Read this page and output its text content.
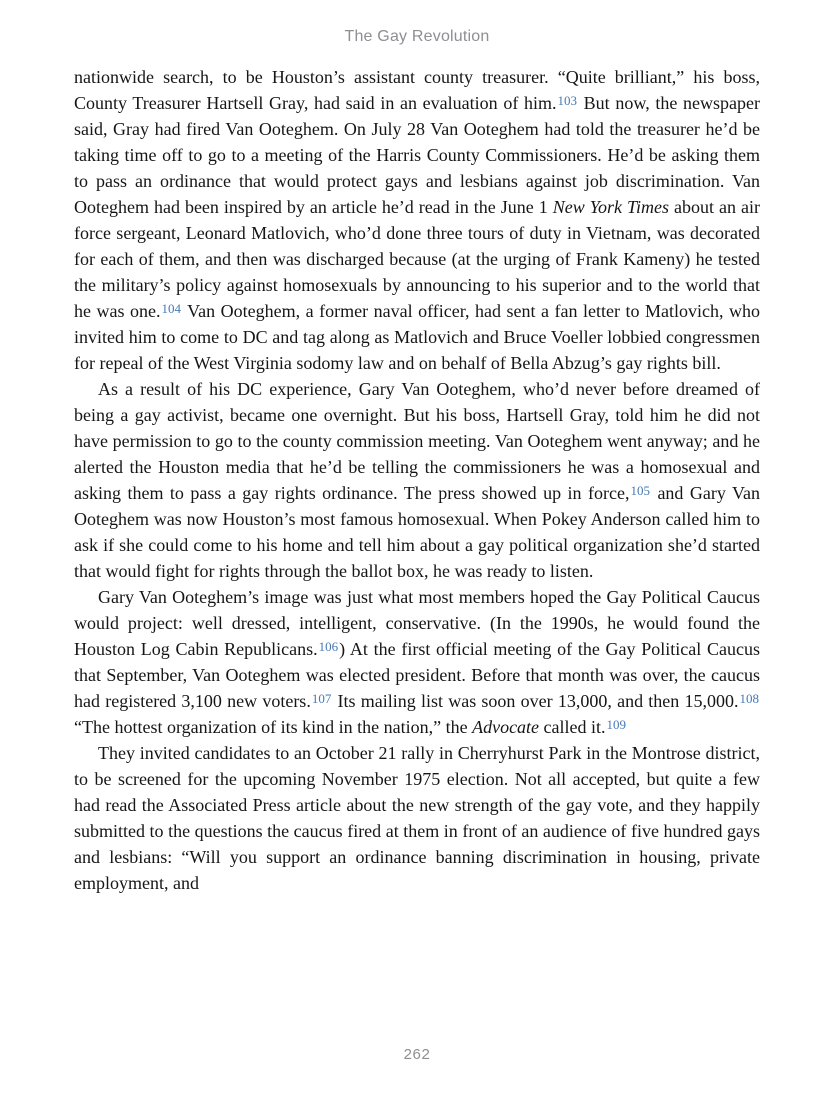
The Gay Revolution

nationwide search, to be Houston’s assistant county treasurer. “Quite brilliant,” his boss, County Treasurer Hartsell Gray, had said in an evaluation of him.$^{103}$ But now, the newspaper said, Gray had fired Van Ooteghem. On July 28 Van Ooteghem had told the treasurer he’d be taking time off to go to a meeting of the Harris County Commissioners. He’d be asking them to pass an ordinance that would protect gays and lesbians against job discrimination. Van Ooteghem had been inspired by an article he’d read in the June 1 New York Times about an air force sergeant, Leonard Matlovich, who’d done three tours of duty in Vietnam, was decorated for each of them, and then was discharged because (at the urging of Frank Kameny) he tested the military’s policy against homosexuals by announcing to his superior and to the world that he was one.$^{104}$ Van Ooteghem, a former naval officer, had sent a fan letter to Matlovich, who invited him to come to DC and tag along as Matlovich and Bruce Voeller lobbied congressmen for repeal of the West Virginia sodomy law and on behalf of Bella Abzug’s gay rights bill.

As a result of his DC experience, Gary Van Ooteghem, who’d never before dreamed of being a gay activist, became one overnight. But his boss, Hartsell Gray, told him he did not have permission to go to the county commission meeting. Van Ooteghem went anyway; and he alerted the Houston media that he’d be telling the commissioners he was a homosexual and asking them to pass a gay rights ordinance. The press showed up in force,$^{105}$ and Gary Van Ooteghem was now Houston’s most famous homosexual. When Pokey Anderson called him to ask if she could come to his home and tell him about a gay political organization she’d started that would fight for rights through the ballot box, he was ready to listen.

Gary Van Ooteghem’s image was just what most members hoped the Gay Political Caucus would project: well dressed, intelligent, conservative. (In the 1990s, he would found the Houston Log Cabin Republicans.$^{106}$) At the first official meeting of the Gay Political Caucus that September, Van Ooteghem was elected president. Before that month was over, the caucus had registered 3,100 new voters.$^{107}$ Its mailing list was soon over 13,000, and then 15,000.$^{108}$ “The hottest organization of its kind in the nation,” the Advocate called it.$^{109}$

They invited candidates to an October 21 rally in Cherryhurst Park in the Montrose district, to be screened for the upcoming November 1975 election. Not all accepted, but quite a few had read the Associated Press article about the new strength of the gay vote, and they happily submitted to the questions the caucus fired at them in front of an audience of five hundred gays and lesbians: “Will you support an ordinance banning discrimination in housing, private employment, and

262
